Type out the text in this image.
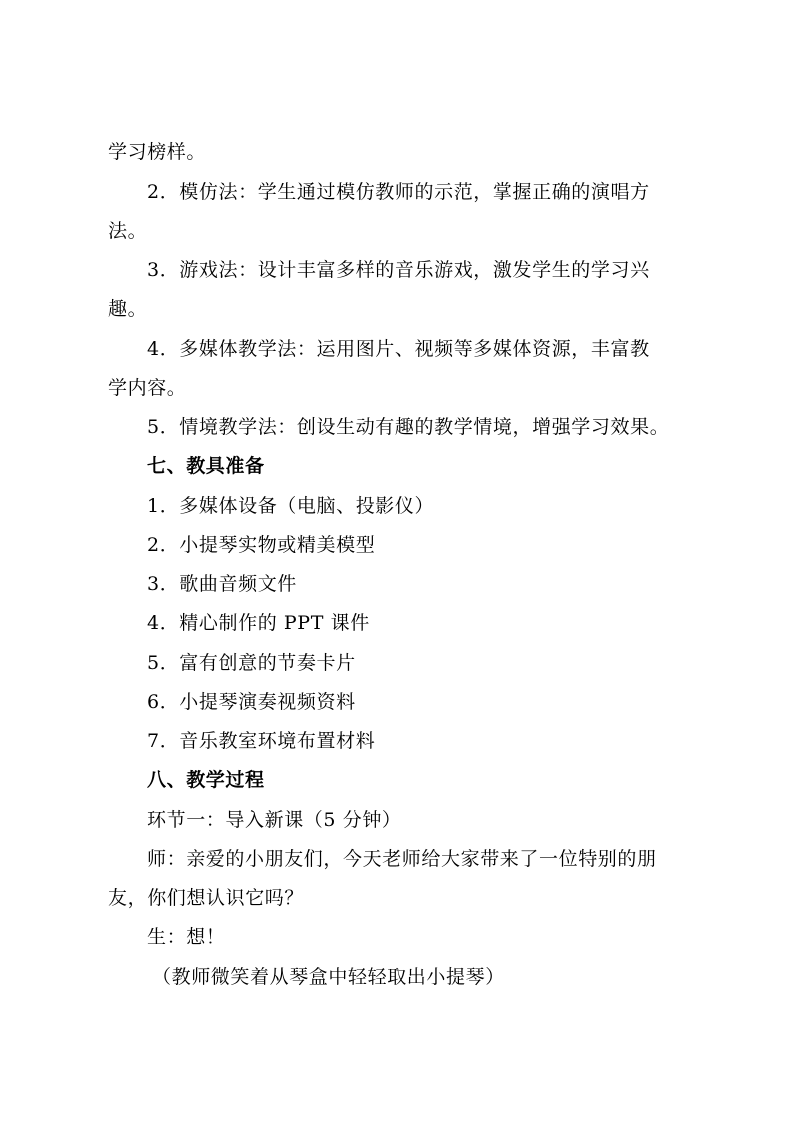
学习榜样。
2．模仿法：学生通过模仿教师的示范，掌握正确的演唱方
法。
3．游戏法：设计丰富多样的音乐游戏，激发学生的学习兴
趣。
4．多媒体教学法：运用图片、视频等多媒体资源，丰富教
学内容。
5．情境教学法：创设生动有趣的教学情境，增强学习效果。
七、教具准备
1．多媒体设备（电脑、投影仪）
2．小提琴实物或精美模型
3．歌曲音频文件
4．精心制作的 PPT 课件
5．富有创意的节奏卡片
6．小提琴演奏视频资料
7．音乐教室环境布置材料
八、教学过程
环节一：导入新课（5 分钟）
师：亲爱的小朋友们，今天老师给大家带来了一位特别的朋
友，你们想认识它吗？
生：想！
（教师微笑着从琴盒中轻轻取出小提琴）
